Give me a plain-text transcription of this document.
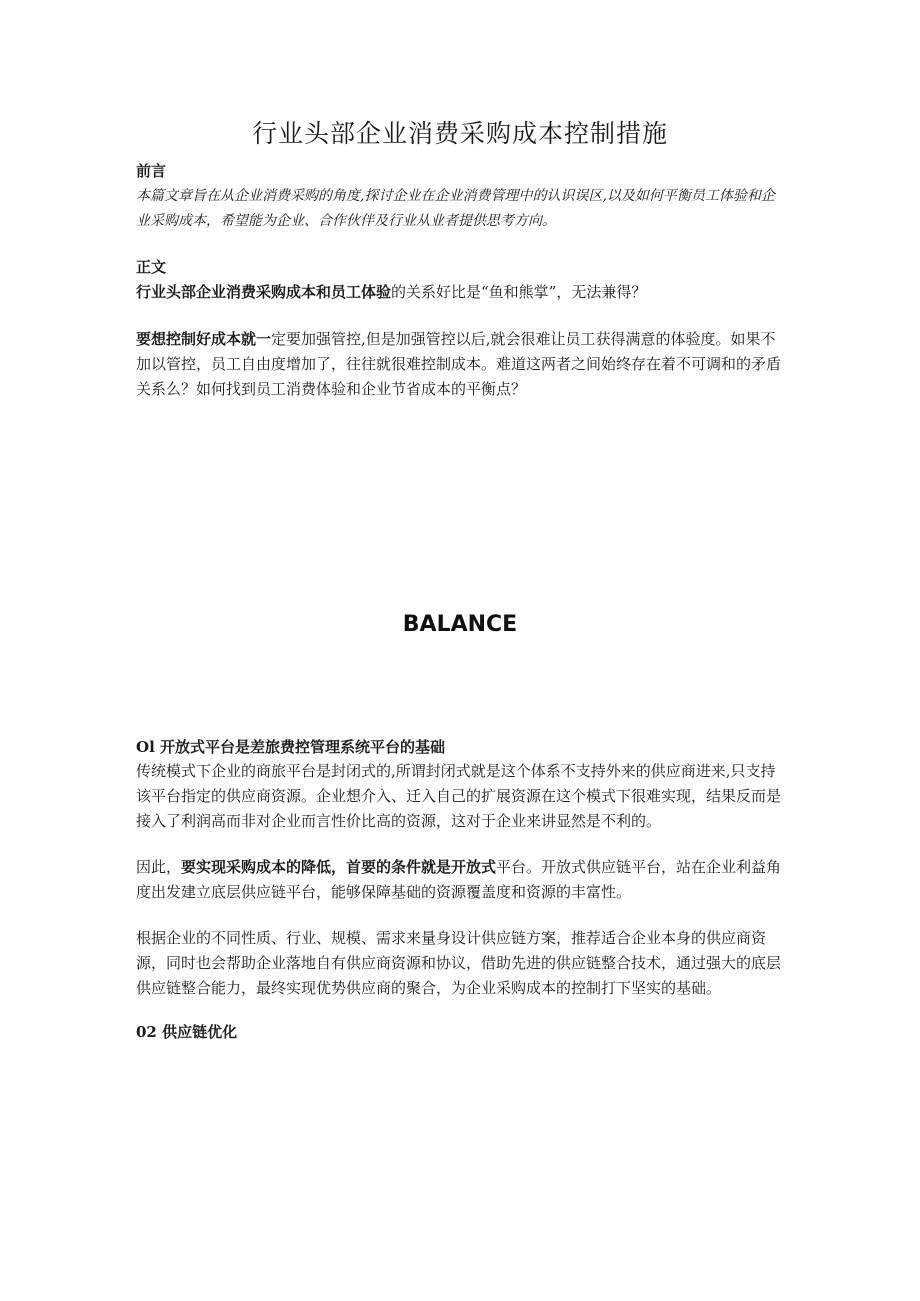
行业头部企业消费采购成本控制措施

前言

本篇文章旨在从企业消费采购的角度,探讨企业在企业消费管理中的认识误区,以及如何平衡员工体验和企业采购成本，希望能为企业、合作伙伴及行业从业者提供思考方向。

正文

行业头部企业消费采购成本和员工体验的关系好比是“鱼和熊掌”，无法兼得？

要想控制好成本就一定要加强管控,但是加强管控以后,就会很难让员工获得满意的体验度。如果不加以管控，员工自由度增加了，往往就很难控制成本。难道这两者之间始终存在着不可调和的矛盾关系么？如何找到员工消费体验和企业节省成本的平衡点？

BALANCE

Ol 开放式平台是差旅费控管理系统平台的基础

传统模式下企业的商旅平台是封闭式的,所谓封闭式就是这个体系不支持外来的供应商进来,只支持该平台指定的供应商资源。企业想介入、迁入自己的扩展资源在这个模式下很难实现，结果反而是接入了利润高而非对企业而言性价比高的资源，这对于企业来讲显然是不利的。

因此，要实现采购成本的降低，首要的条件就是开放式平台。开放式供应链平台，站在企业利益角度出发建立底层供应链平台，能够保障基础的资源覆盖度和资源的丰富性。

根据企业的不同性质、行业、规模、需求来量身设计供应链方案，推荐适合企业本身的供应商资源，同时也会帮助企业落地自有供应商资源和协议，借助先进的供应链整合技术，通过强大的底层供应链整合能力，最终实现优势供应商的聚合，为企业采购成本的控制打下坚实的基础。

02 供应链优化
